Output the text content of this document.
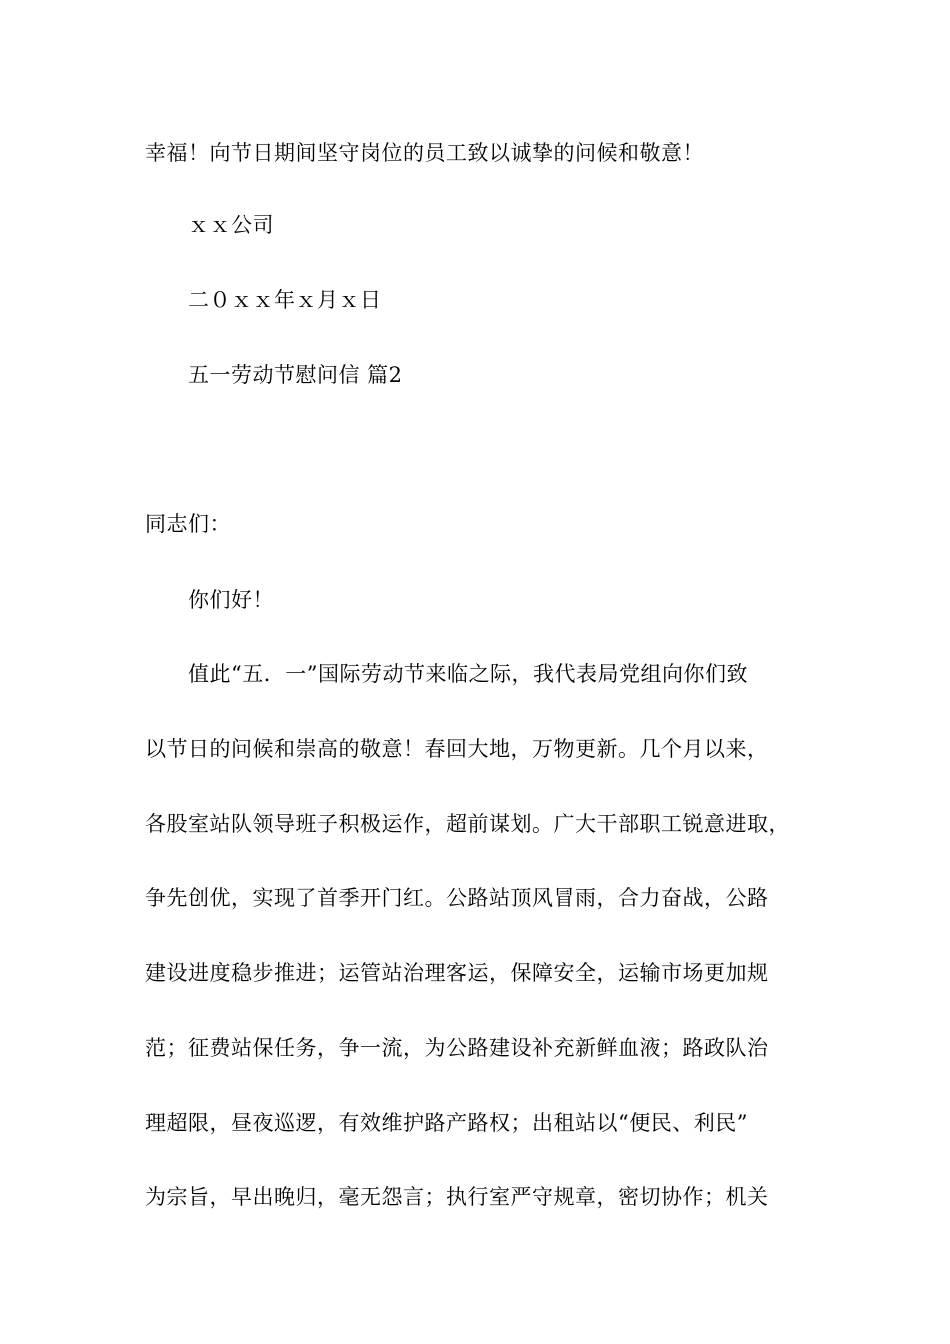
幸福！向节日期间坚守岗位的员工致以诚挚的问候和敬意！
ｘｘ公司
二０ｘｘ年ｘ月ｘ日
五一劳动节慰问信 篇2
同志们：
你们好！
值此“五．一”国际劳动节来临之际，我代表局党组向你们致
以节日的问候和崇高的敬意！春回大地，万物更新。几个月以来，
各股室站队领导班子积极运作，超前谋划。广大干部职工锐意进取，
争先创优，实现了首季开门红。公路站顶风冒雨，合力奋战，公路
建设进度稳步推进；运管站治理客运，保障安全，运输市场更加规
范；征费站保任务，争一流，为公路建设补充新鲜血液；路政队治
理超限，昼夜巡逻，有效维护路产路权；出租站以“便民、利民”
为宗旨，早出晚归，毫无怨言；执行室严守规章，密切协作；机关
